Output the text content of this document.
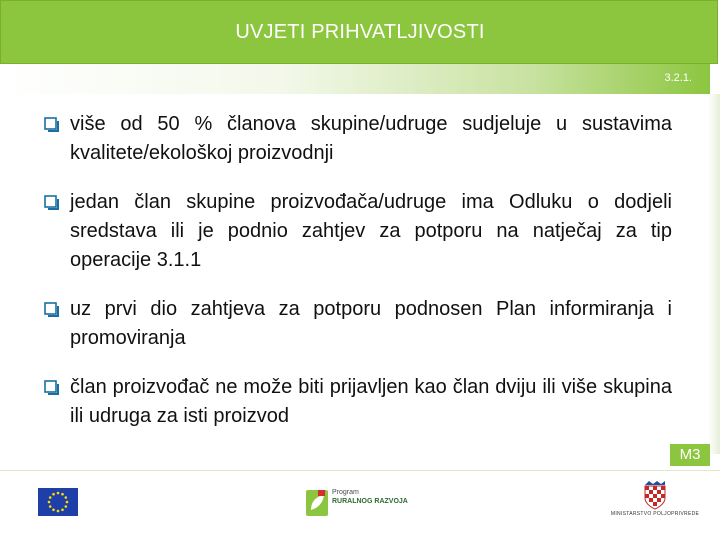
UVJETI PRIHVATLJIVOSTI
3.2.1.
više od 50 % članova skupine/udruge sudjeluje u sustavima kvalitete/ekološkoj proizvodnji
jedan član skupine proizvođača/udruge ima Odluku o dodjeli sredstava ili je podnio zahtjev za potporu na natječaj za tip operacije 3.1.1
uz prvi dio zahtjeva za potporu podnosen Plan informiranja i promoviranja
član proizvođač ne može biti prijavljen kao član dviju ili više skupina ili udruga za isti proizvod
M3
Program
RURALNOG RAZVOJA
MINISTARSTVO POLJOPRIVREDE
